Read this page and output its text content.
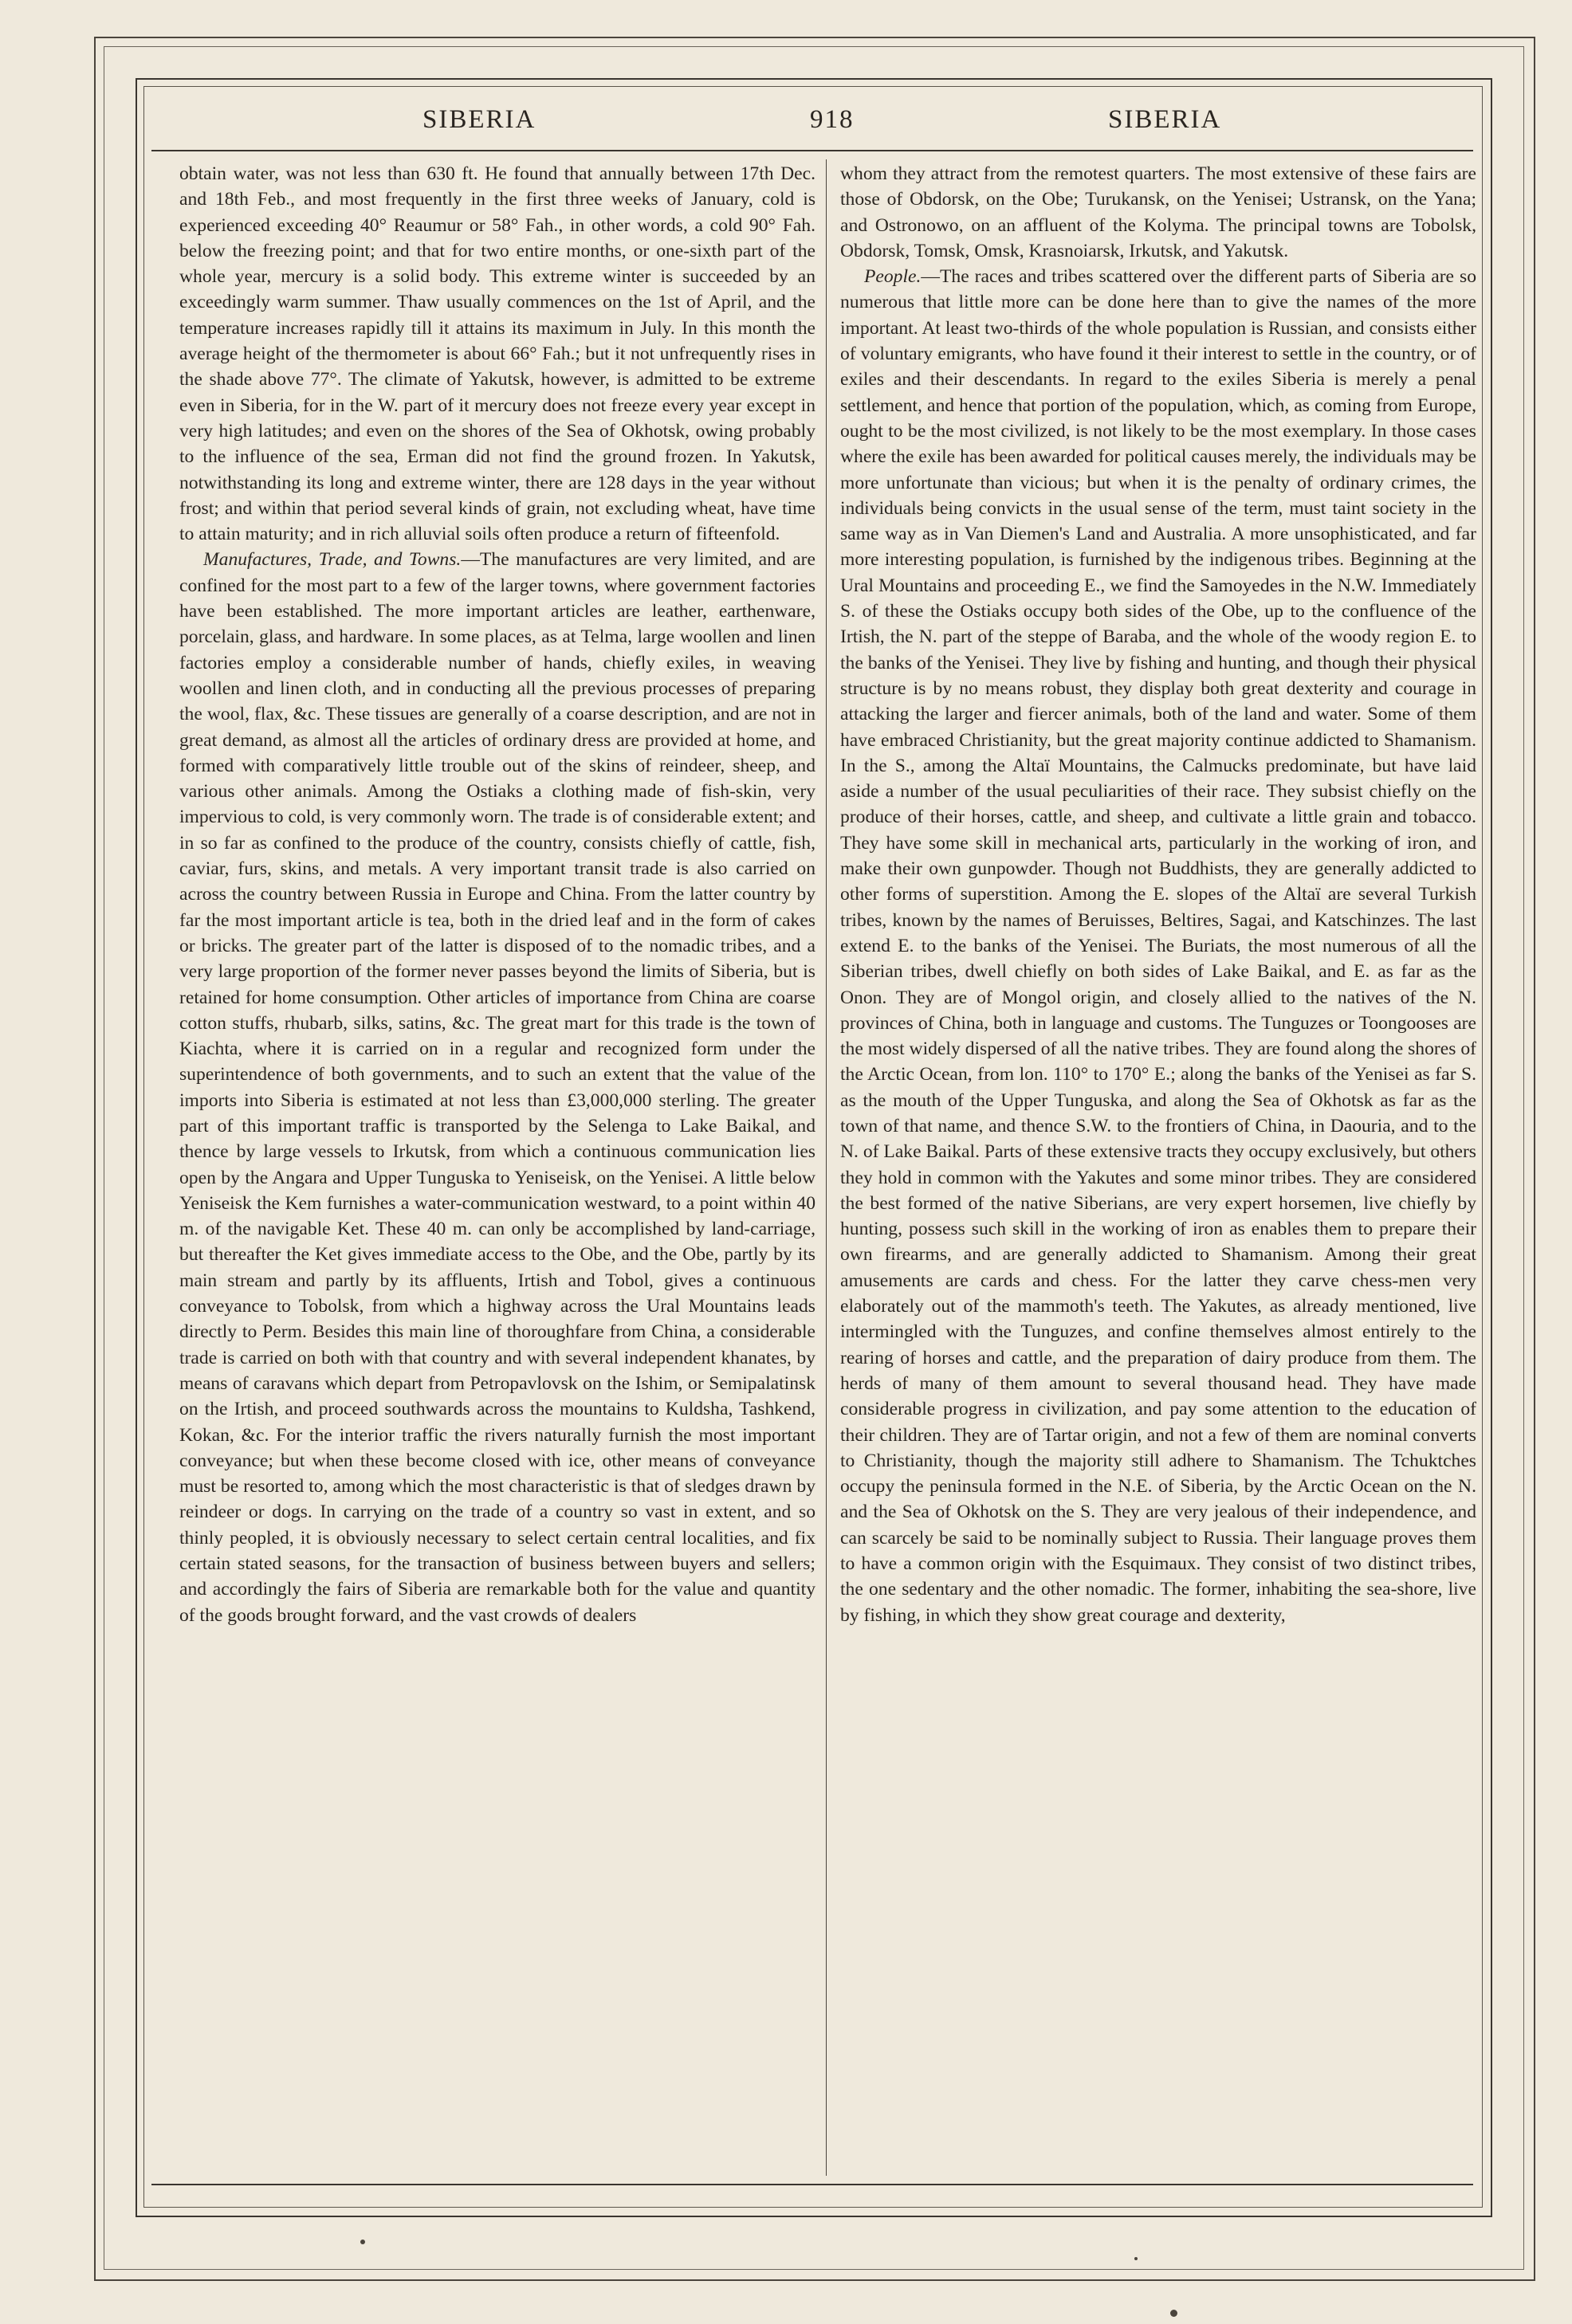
SIBERIA	918	SIBERIA

obtain water, was not less than 630 ft. He found that annually between 17th Dec. and 18th Feb., and most frequently in the first three weeks of January, cold is experienced exceeding 40° Reaumur or 58° Fah., in other words, a cold 90° Fah. below the freezing point; and that for two entire months, or one-sixth part of the whole year, mercury is a solid body. This extreme winter is succeeded by an exceedingly warm summer. Thaw usually commences on the 1st of April, and the temperature increases rapidly till it attains its maximum in July. In this month the average height of the thermometer is about 66° Fah.; but it not unfrequently rises in the shade above 77°. The climate of Yakutsk, however, is admitted to be extreme even in Siberia, for in the W. part of it mercury does not freeze every year except in very high latitudes; and even on the shores of the Sea of Okhotsk, owing probably to the influence of the sea, Erman did not find the ground frozen. In Yakutsk, notwithstanding its long and extreme winter, there are 128 days in the year without frost; and within that period several kinds of grain, not excluding wheat, have time to attain maturity; and in rich alluvial soils often produce a return of fifteenfold.

Manufactures, Trade, and Towns.—The manufactures are very limited, and are confined for the most part to a few of the larger towns, where government factories have been established. The more important articles are leather, earthenware, porcelain, glass, and hardware. In some places, as at Telma, large woollen and linen factories employ a considerable number of hands, chiefly exiles, in weaving woollen and linen cloth, and in conducting all the previous processes of preparing the wool, flax, &c. These tissues are generally of a coarse description, and are not in great demand, as almost all the articles of ordinary dress are provided at home, and formed with comparatively little trouble out of the skins of reindeer, sheep, and various other animals. Among the Ostiaks a clothing made of fish-skin, very impervious to cold, is very commonly worn. The trade is of considerable extent; and in so far as confined to the produce of the country, consists chiefly of cattle, fish, caviar, furs, skins, and metals. A very important transit trade is also carried on across the country between Russia in Europe and China. From the latter country by far the most important article is tea, both in the dried leaf and in the form of cakes or bricks. The greater part of the latter is disposed of to the nomadic tribes, and a very large proportion of the former never passes beyond the limits of Siberia, but is retained for home consumption. Other articles of importance from China are coarse cotton stuffs, rhubarb, silks, satins, &c. The great mart for this trade is the town of Kiachta, where it is carried on in a regular and recognized form under the superintendence of both governments, and to such an extent that the value of the imports into Siberia is estimated at not less than £3,000,000 sterling. The greater part of this important traffic is transported by the Selenga to Lake Baikal, and thence by large vessels to Irkutsk, from which a continuous communication lies open by the Angara and Upper Tunguska to Yeniseisk, on the Yenisei. A little below Yeniseisk the Kem furnishes a water-communication westward, to a point within 40 m. of the navigable Ket. These 40 m. can only be accomplished by land-carriage, but thereafter the Ket gives immediate access to the Obe, and the Obe, partly by its main stream and partly by its affluents, Irtish and Tobol, gives a continuous conveyance to Tobolsk, from which a highway across the Ural Mountains leads directly to Perm. Besides this main line of thoroughfare from China, a considerable trade is carried on both with that country and with several independent khanates, by means of caravans which depart from Petropavlovsk on the Ishim, or Semipalatinsk on the Irtish, and proceed southwards across the mountains to Kuldsha, Tashkend, Kokan, &c. For the interior traffic the rivers naturally furnish the most important conveyance; but when these become closed with ice, other means of conveyance must be resorted to, among which the most characteristic is that of sledges drawn by reindeer or dogs. In carrying on the trade of a country so vast in extent, and so thinly peopled, it is obviously necessary to select certain central localities, and fix certain stated seasons, for the transaction of business between buyers and sellers; and accordingly the fairs of Siberia are remarkable both for the value and quantity of the goods brought forward, and the vast crowds of dealers

whom they attract from the remotest quarters. The most extensive of these fairs are those of Obdorsk, on the Obe; Turukansk, on the Yenisei; Ustransk, on the Yana; and Ostronowo, on an affluent of the Kolyma. The principal towns are Tobolsk, Obdorsk, Tomsk, Omsk, Krasnoiarsk, Irkutsk, and Yakutsk.

People.—The races and tribes scattered over the different parts of Siberia are so numerous that little more can be done here than to give the names of the more important. At least two-thirds of the whole population is Russian, and consists either of voluntary emigrants, who have found it their interest to settle in the country, or of exiles and their descendants. In regard to the exiles Siberia is merely a penal settlement, and hence that portion of the population, which, as coming from Europe, ought to be the most civilized, is not likely to be the most exemplary. In those cases where the exile has been awarded for political causes merely, the individuals may be more unfortunate than vicious; but when it is the penalty of ordinary crimes, the individuals being convicts in the usual sense of the term, must taint society in the same way as in Van Diemen's Land and Australia. A more unsophisticated, and far more interesting population, is furnished by the indigenous tribes. Beginning at the Ural Mountains and proceeding E., we find the Samoyedes in the N.W. Immediately S. of these the Ostiaks occupy both sides of the Obe, up to the confluence of the Irtish, the N. part of the steppe of Baraba, and the whole of the woody region E. to the banks of the Yenisei. They live by fishing and hunting, and though their physical structure is by no means robust, they display both great dexterity and courage in attacking the larger and fiercer animals, both of the land and water. Some of them have embraced Christianity, but the great majority continue addicted to Shamanism. In the S., among the Altaï Mountains, the Calmucks predominate, but have laid aside a number of the usual peculiarities of their race. They subsist chiefly on the produce of their horses, cattle, and sheep, and cultivate a little grain and tobacco. They have some skill in mechanical arts, particularly in the working of iron, and make their own gunpowder. Though not Buddhists, they are generally addicted to other forms of superstition. Among the E. slopes of the Altaï are several Turkish tribes, known by the names of Beruisses, Beltires, Sagai, and Katschinzes. The last extend E. to the banks of the Yenisei. The Buriats, the most numerous of all the Siberian tribes, dwell chiefly on both sides of Lake Baikal, and E. as far as the Onon. They are of Mongol origin, and closely allied to the natives of the N. provinces of China, both in language and customs. The Tunguzes or Toongooses are the most widely dispersed of all the native tribes. They are found along the shores of the Arctic Ocean, from lon. 110° to 170° E.; along the banks of the Yenisei as far S. as the mouth of the Upper Tunguska, and along the Sea of Okhotsk as far as the town of that name, and thence S.W. to the frontiers of China, in Daouria, and to the N. of Lake Baikal. Parts of these extensive tracts they occupy exclusively, but others they hold in common with the Yakutes and some minor tribes. They are considered the best formed of the native Siberians, are very expert horsemen, live chiefly by hunting, possess such skill in the working of iron as enables them to prepare their own firearms, and are generally addicted to Shamanism. Among their great amusements are cards and chess. For the latter they carve chess-men very elaborately out of the mammoth's teeth. The Yakutes, as already mentioned, live intermingled with the Tunguzes, and confine themselves almost entirely to the rearing of horses and cattle, and the preparation of dairy produce from them. The herds of many of them amount to several thousand head. They have made considerable progress in civilization, and pay some attention to the education of their children. They are of Tartar origin, and not a few of them are nominal converts to Christianity, though the majority still adhere to Shamanism. The Tchuktches occupy the peninsula formed in the N.E. of Siberia, by the Arctic Ocean on the N. and the Sea of Okhotsk on the S. They are very jealous of their independence, and can scarcely be said to be nominally subject to Russia. Their language proves them to have a common origin with the Esquimaux. They consist of two distinct tribes, the one sedentary and the other nomadic. The former, inhabiting the sea-shore, live by fishing, in which they show great courage and dexterity,
